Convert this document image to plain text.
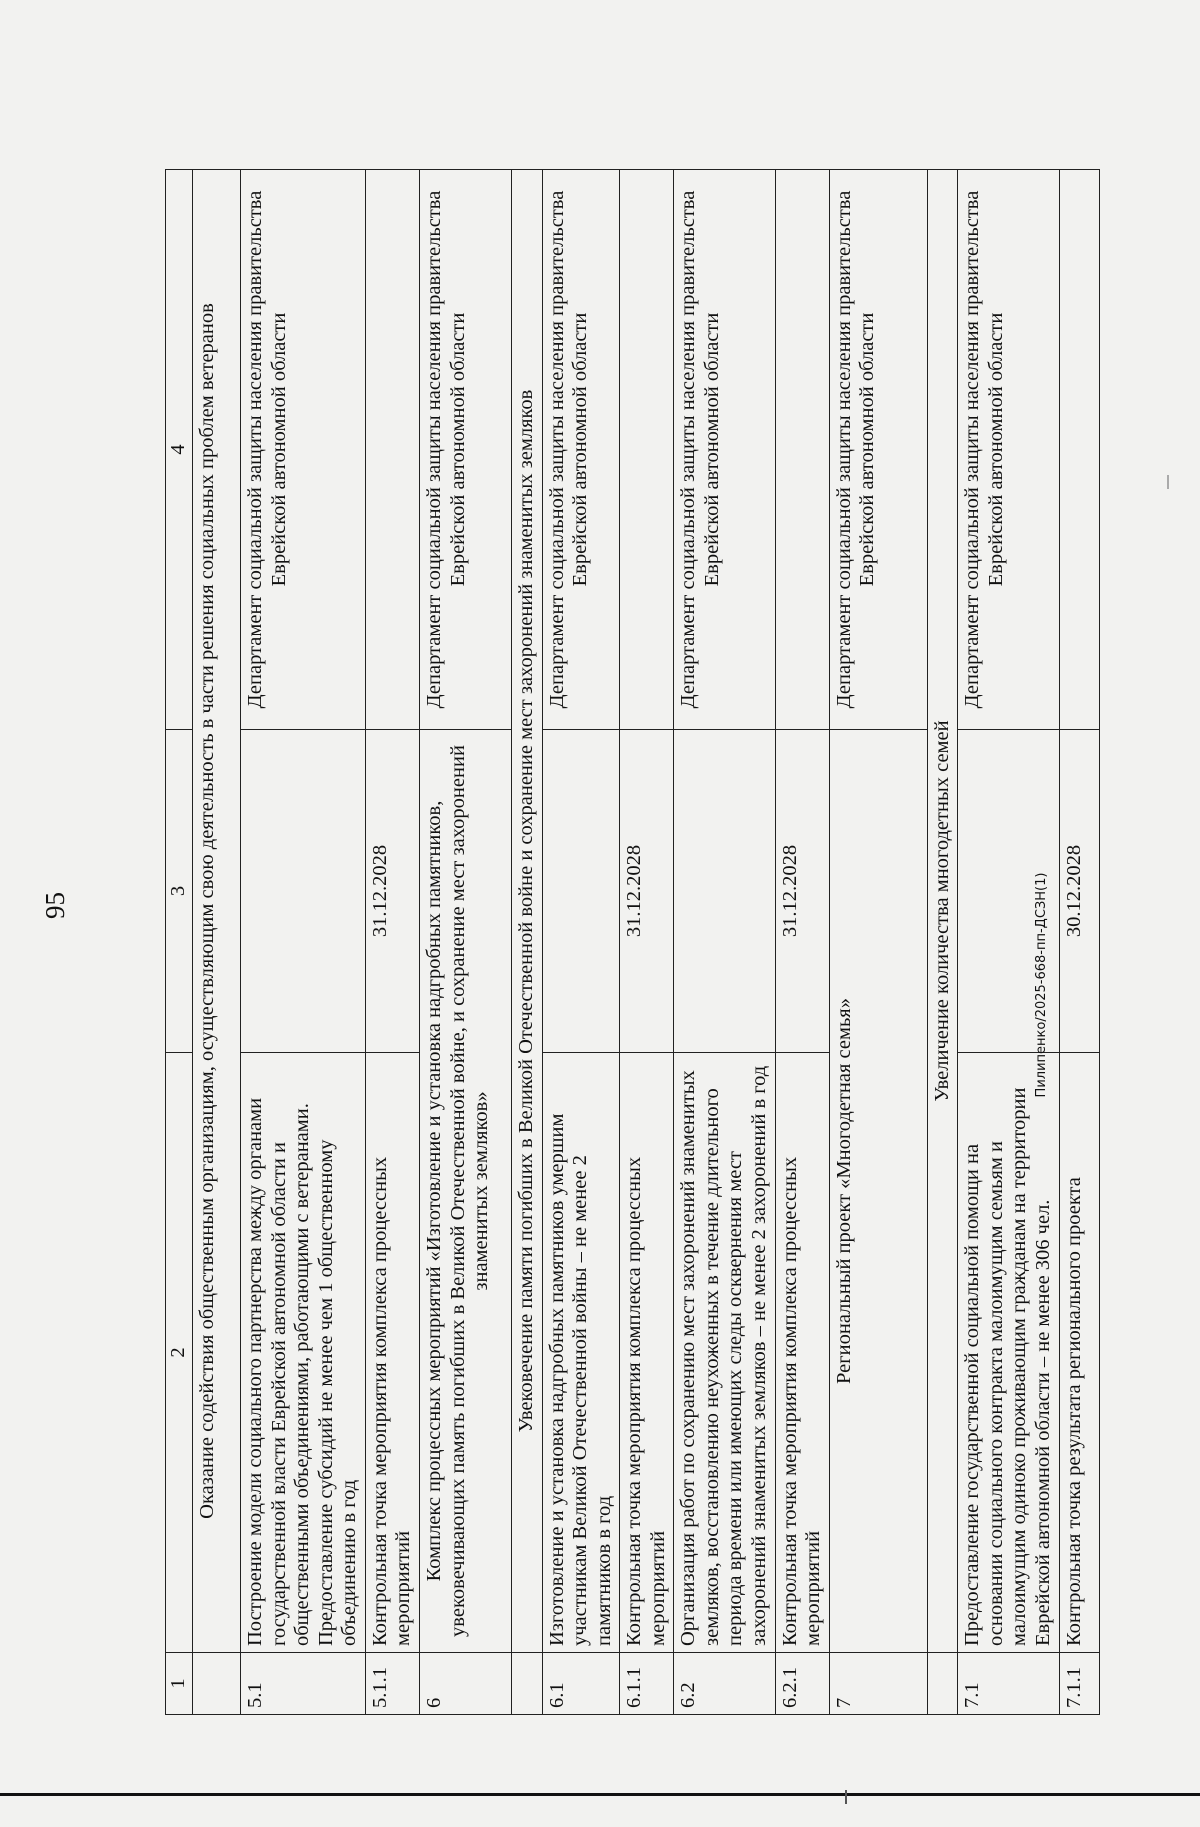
95
1	2	3	4
	Оказание содействия общественным организациям, осуществляющим свою деятельность в части решения социальных проблем ветеранов		
5.1	Построение модели социального партнерства между органами государственной власти Еврейской автономной области и общественными объединениями, работающими с ветеранами. Предоставление субсидий не менее чем 1 общественному объединению в год		Департамент социальной защиты населения правительства Еврейской автономной области
5.1.1	Контрольная точка мероприятия комплекса процессных мероприятий	31.12.2028	
6	Комплекс процессных мероприятий «Изготовление и установка надгробных памятников, увековечивающих память погибших в Великой Отечественной войне, и сохранение мест захоронений знаменитых земляков»		Департамент социальной защиты населения правительства Еврейской автономной области
	Увековечение памяти погибших в Великой Отечественной войне и сохранение мест захоронений знаменитых земляков		
6.1	Изготовление и установка надгробных памятников умершим участникам Великой Отечественной войны – не менее 2 памятников в год		Департамент социальной защиты населения правительства Еврейской автономной области
6.1.1	Контрольная точка мероприятия комплекса процессных мероприятий	31.12.2028	
6.2	Организация работ по сохранению мест захоронений знаменитых земляков, восстановлению неухоженных в течение длительного периода времени или имеющих следы осквернения мест захоронений знаменитых земляков – не менее 2 захоронений в год		Департамент социальной защиты населения правительства Еврейской автономной области
6.2.1	Контрольная точка мероприятия комплекса процессных мероприятий	31.12.2028	
7	Региональный проект «Многодетная семья»		Департамент социальной защиты населения правительства Еврейской автономной области
	Увеличение количества многодетных семей		
7.1	Предоставление государственной социальной помощи на основании социального контракта малоимущим семьям и малоимущим одиноко проживающим гражданам на территории Еврейской автономной области – не менее 306 чел.		Департамент социальной защиты населения правительства Еврейской автономной области
7.1.1	Контрольная точка результата регионального проекта	30.12.2028	
Пилипенко/2025-668-пп-ДСЗН(1)
